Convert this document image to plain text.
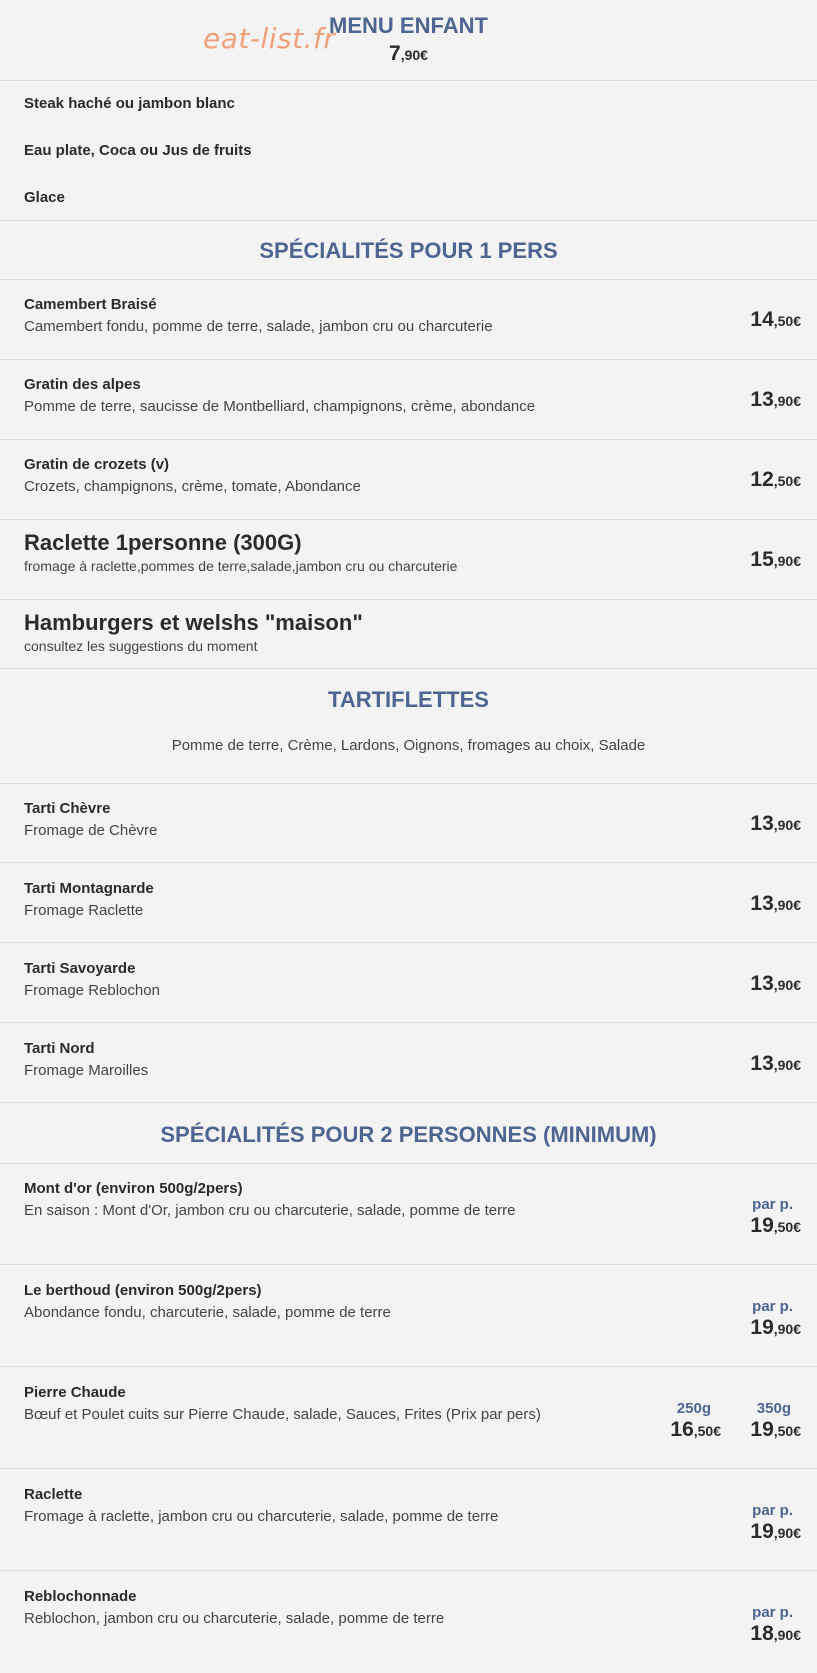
MENU ENFANT
eat-list.fr	7,90€
Steak haché ou jambon blanc
Eau plate, Coca ou Jus de fruits
Glace
SPÉCIALITÉS POUR 1 PERS
Camembert Braisé
Camembert fondu, pomme de terre, salade, jambon cru ou charcuterie	14,50€
Gratin des alpes
Pomme de terre, saucisse de Montbelliard, champignons, crème, abondance	13,90€
Gratin de crozets (v)
Crozets, champignons, crème, tomate, Abondance	12,50€
Raclette 1personne (300G)
fromage à raclette,pommes de terre,salade,jambon cru ou charcuterie	15,90€
Hamburgers et welshs "maison"
consultez les suggestions du moment
TARTIFLETTES
Pomme de terre, Crème, Lardons, Oignons, fromages au choix, Salade
Tarti Chèvre
Fromage de Chèvre	13,90€
Tarti Montagnarde
Fromage Raclette	13,90€
Tarti Savoyarde
Fromage Reblochon	13,90€
Tarti Nord
Fromage Maroilles	13,90€
SPÉCIALITÉS POUR 2 PERSONNES (MINIMUM)
Mont d'or (environ 500g/2pers)
En saison : Mont d'Or, jambon cru ou charcuterie, salade, pomme de terre	par p.
19,50€
Le berthoud (environ 500g/2pers)
Abondance fondu, charcuterie, salade, pomme de terre	par p.
19,90€
Pierre Chaude
Bœuf et Poulet cuits sur Pierre Chaude, salade, Sauces, Frites (Prix par pers)	250g
16,50€
350g
19,50€
Raclette
Fromage à raclette, jambon cru ou charcuterie, salade, pomme de terre	par p.
19,90€
Reblochonnade
Reblochon, jambon cru ou charcuterie, salade, pomme de terre	par p.
18,90€
